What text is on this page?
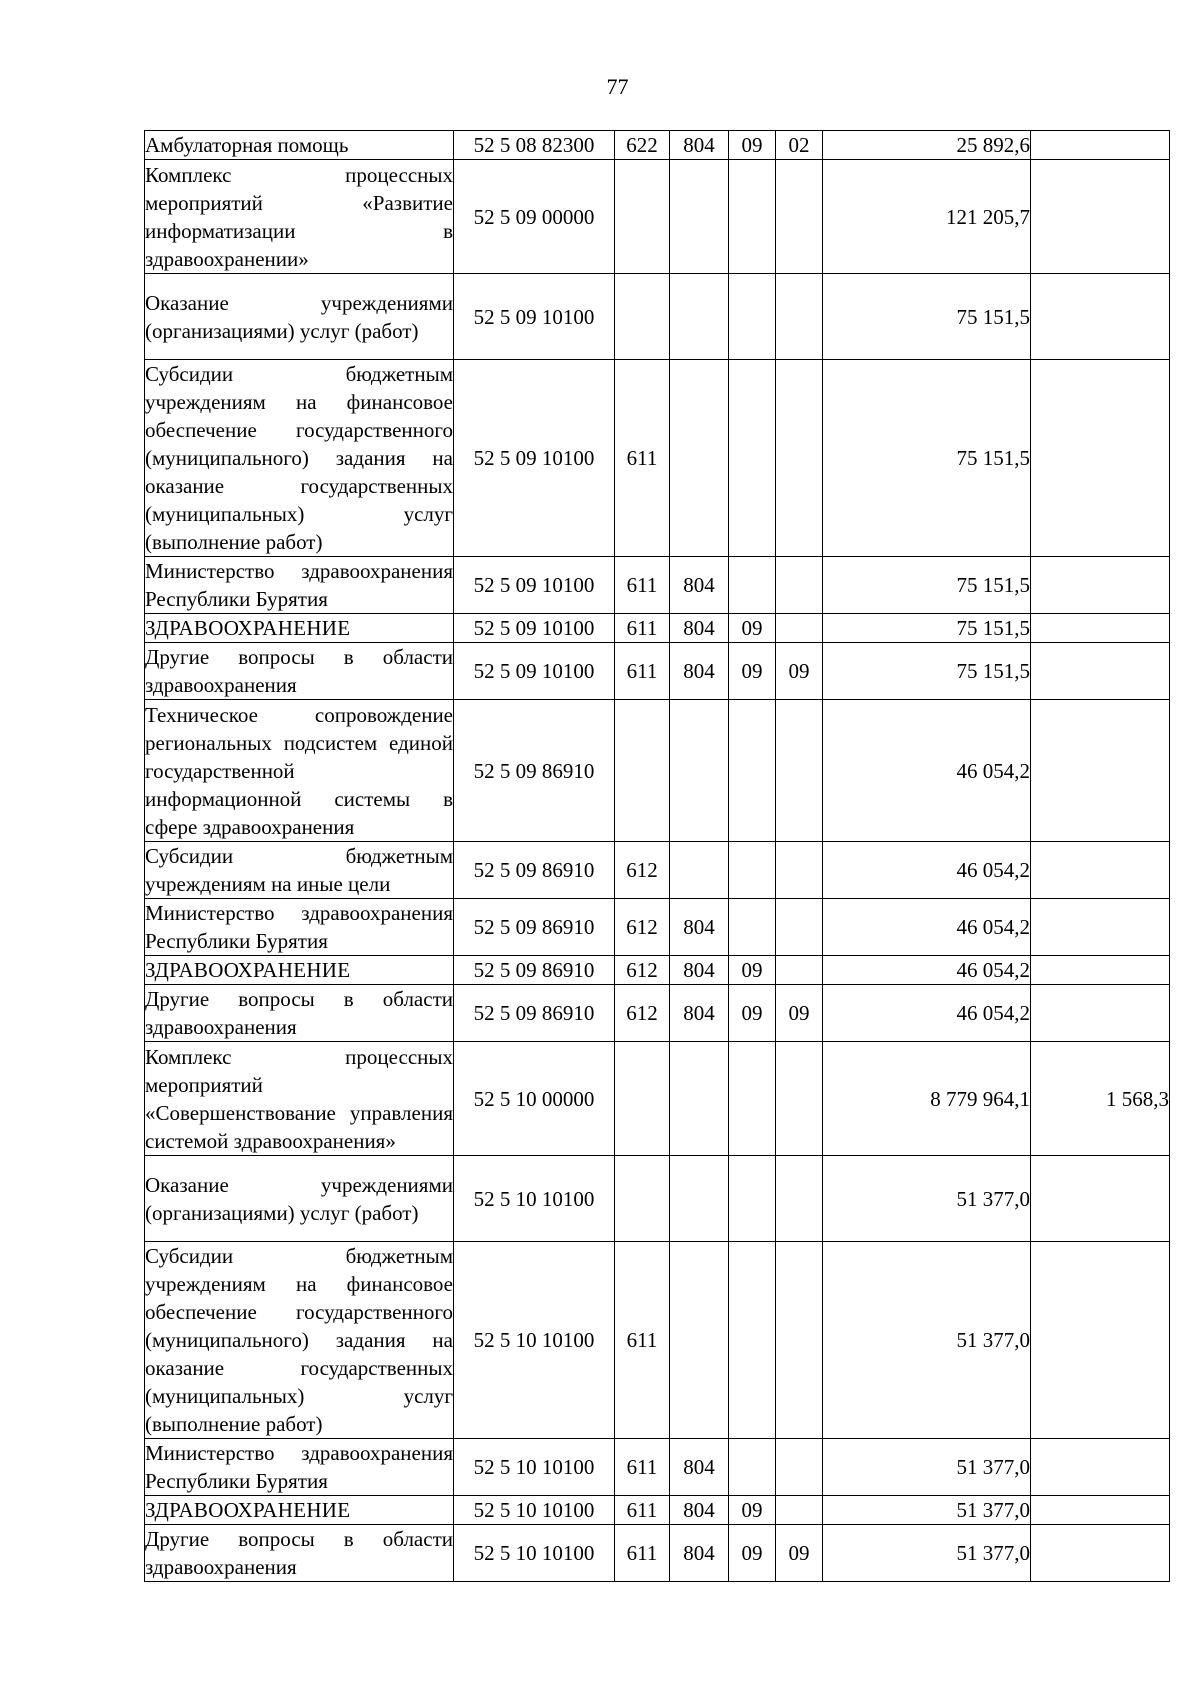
77
Амбулаторная помощь	52 5 08 82300	622	804	09	02	25 892,6	
Комплекс процессных мероприятий «Развитие информатизации в здравоохранении»	52 5 09 00000					121 205,7	
Оказание учреждениями (организациями) услуг (работ)	52 5 09 10100					75 151,5	
Субсидии бюджетным учреждениям на финансовое обеспечение государственного (муниципального) задания на оказание государственных (муниципальных) услуг (выполнение работ)	52 5 09 10100	611				75 151,5	
Министерство здравоохранения Республики Бурятия	52 5 09 10100	611	804			75 151,5	
ЗДРАВООХРАНЕНИЕ	52 5 09 10100	611	804	09		75 151,5	
Другие вопросы в области здравоохранения	52 5 09 10100	611	804	09	09	75 151,5	
Техническое сопровождение региональных подсистем единой государственной информационной системы в сфере здравоохранения	52 5 09 86910					46 054,2	
Субсидии бюджетным учреждениям на иные цели	52 5 09 86910	612				46 054,2	
Министерство здравоохранения Республики Бурятия	52 5 09 86910	612	804			46 054,2	
ЗДРАВООХРАНЕНИЕ	52 5 09 86910	612	804	09		46 054,2	
Другие вопросы в области здравоохранения	52 5 09 86910	612	804	09	09	46 054,2	
Комплекс процессных мероприятий «Совершенствование управления системой здравоохранения»	52 5 10 00000					8 779 964,1	1 568,3
Оказание учреждениями (организациями) услуг (работ)	52 5 10 10100					51 377,0	
Субсидии бюджетным учреждениям на финансовое обеспечение государственного (муниципального) задания на оказание государственных (муниципальных) услуг (выполнение работ)	52 5 10 10100	611				51 377,0	
Министерство здравоохранения Республики Бурятия	52 5 10 10100	611	804			51 377,0	
ЗДРАВООХРАНЕНИЕ	52 5 10 10100	611	804	09		51 377,0	
Другие вопросы в области здравоохранения	52 5 10 10100	611	804	09	09	51 377,0	
